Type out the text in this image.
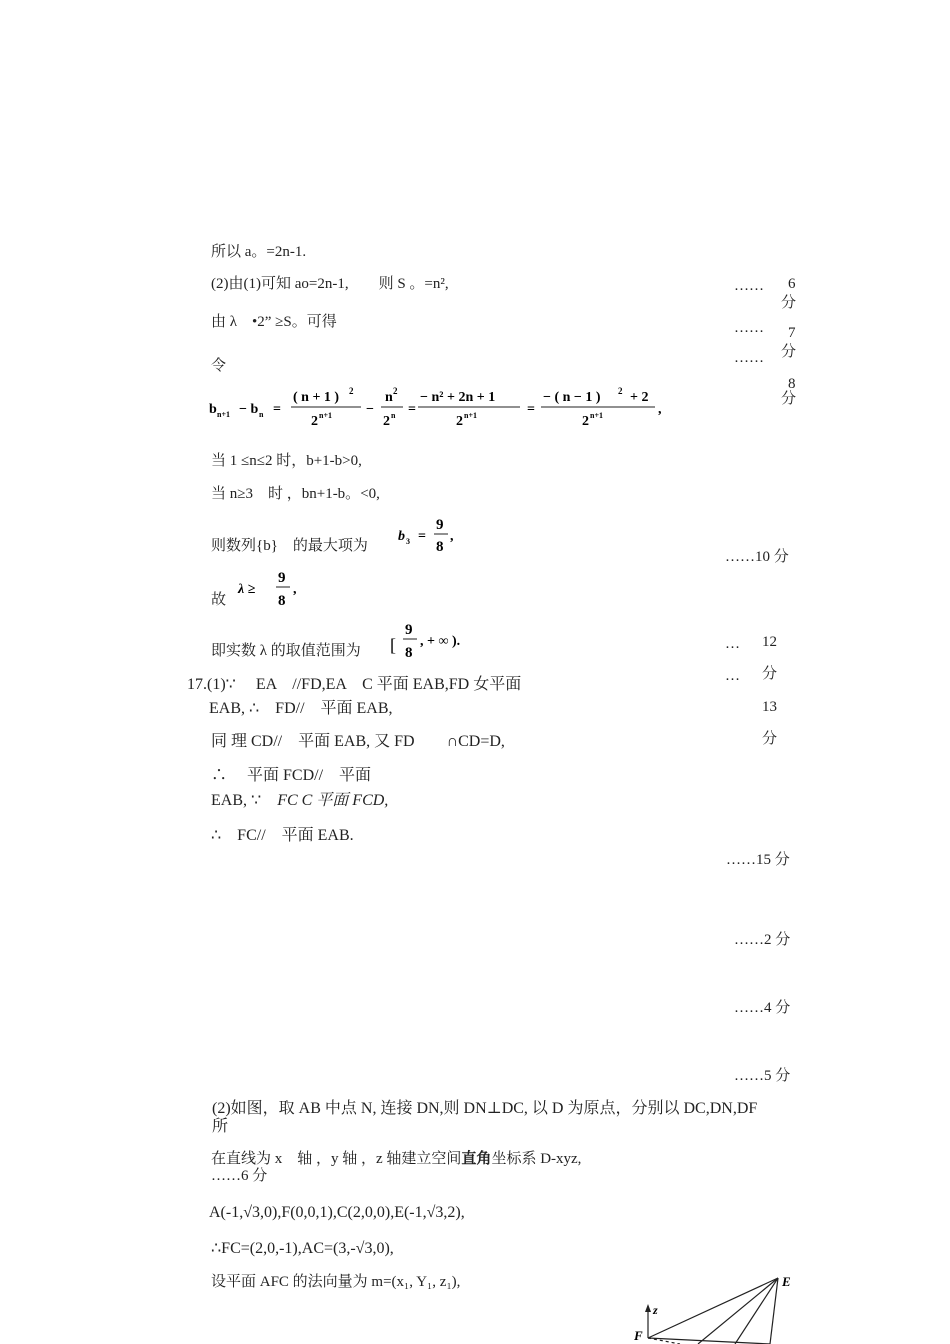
所以 a。=2n-1.
(2)由(1)可知 ao=2n-1,　　则 S 。=n²,
由 λ　•2” ≥S。可得
令
b n+1 − b n =
( n + 1 ) 2
2 n+1 −
n 2
2 n =
− n² + 2n + 1
2 n+1	=
− ( n − 1 ) 2 + 2
2 n+1	,
当 1 ≤n≤2 时，b+1-b>0,
当 n≥3　时 ，bn+1-b。<0,
则数列{b}　的最大项为
b 3 =
9
8
,
故
λ ≥
9
8
,
即实数 λ 的取值范围为 [
9
8
, + ∞ ).
17.(1)∵　 EA　//FD,EA　C 平面 EAB,FD 女平面
EAB, ∴　FD//　平面 EAB,
同 理 CD//　平面 EAB, 又 FD　　∩CD=D,
∴　 平面 FCD//　平面
EAB, ∵　FC C 平面 FCD,
∴　FC//　平面 EAB.
(2)如图，取 AB 中点 N, 连接 DN,则 DN⊥DC, 以 D 为原点，分别以 DC,DN,DF
所
在直线为 x　轴 ，y 轴 ，z 轴建立空间直角坐标系 D-xyz,
……6 分
A(-1,√3,0),F(0,0,1),C(2,0,0),E(-1,√3,2),
∴FC=(2,0,-1),AC=(3,-√3,0),
设平面 AFC 的法向量为 m=(x₁, Y₁, z₁),
…… 6
分
…… 7
…… 分
8
分
……10 分
… 12
… 分
13
分
……15 分
……2 分
……4 分
……5 分
z
F
E
